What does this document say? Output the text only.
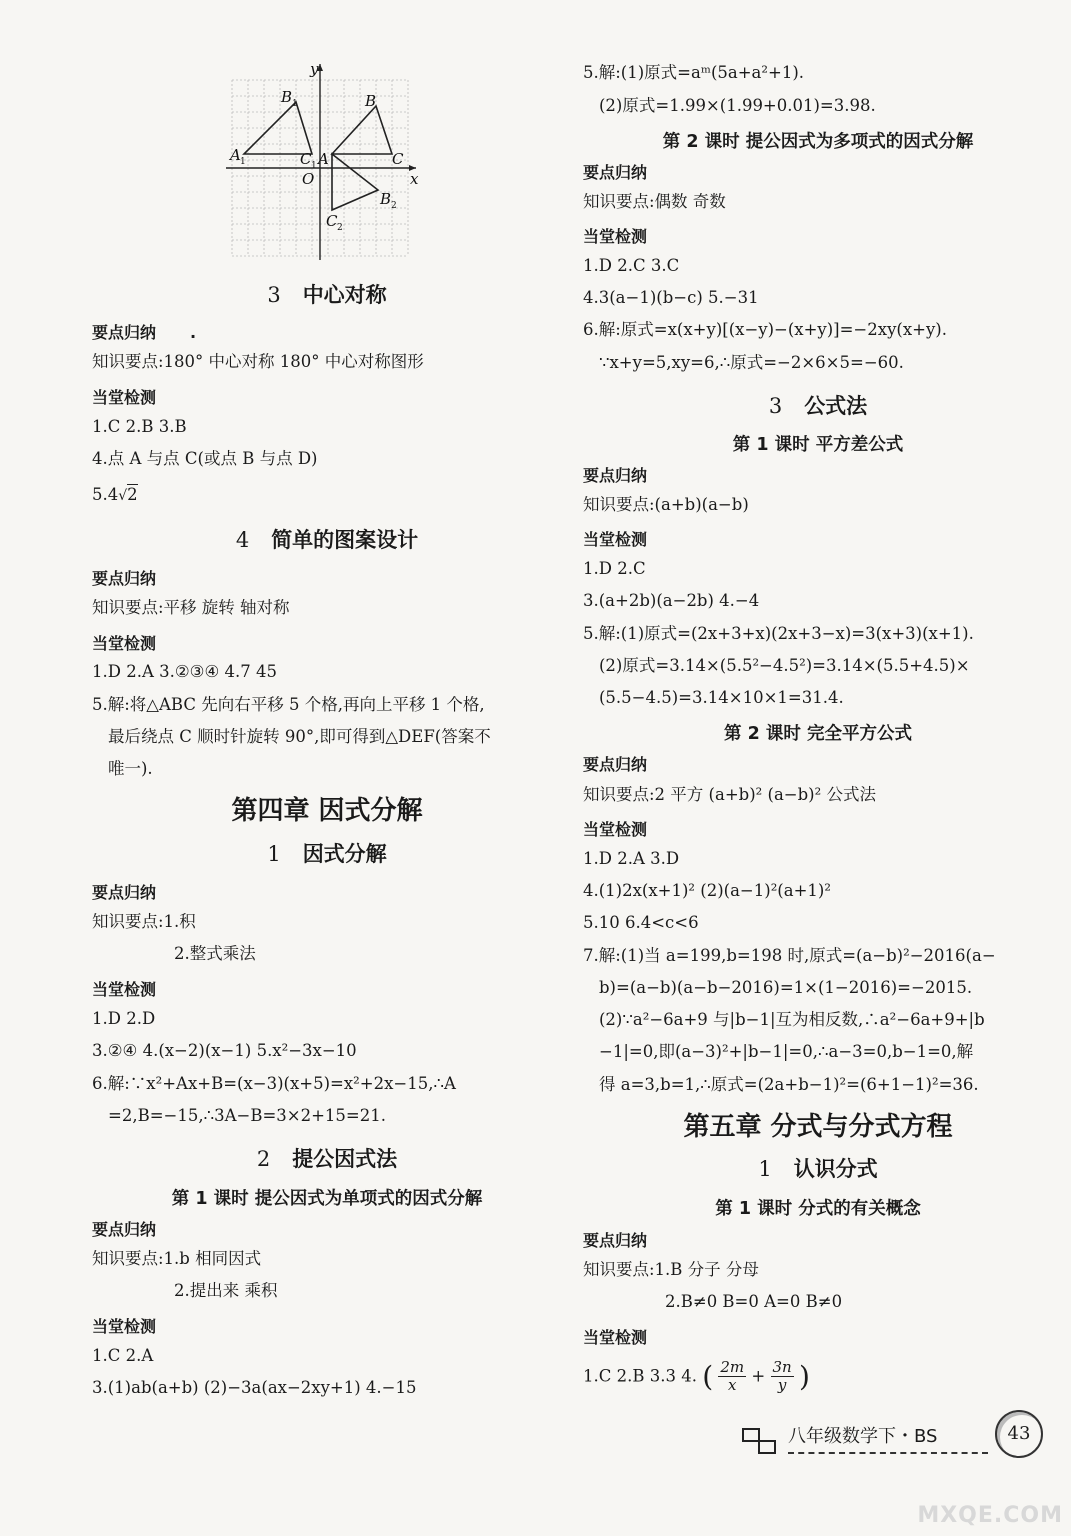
y
x
O
A
B
C A
B
C
B
C
1
1
1
2
2
3 中心对称
要点归纳 .
知识要点:180° 中心对称 180° 中心对称图形
当堂检测
1.C 2.B 3.B
4.点 A 与点 C(或点 B 与点 D)
5.4√2
4 简单的图案设计
要点归纳
知识要点:平移 旋转 轴对称
当堂检测
1.D 2.A 3.②③④ 4.7 45
5.解:将△ABC 先向右平移 5 个格,再向上平移 1 个格,
最后绕点 C 顺时针旋转 90°,即可得到△DEF(答案不
唯一).
第四章 因式分解
1 因式分解
要点归纳
知识要点:1.积
2.整式乘法
当堂检测
1.D 2.D
3.②④ 4.(x−2)(x−1) 5.x²−3x−10
6.解:∵x²+Ax+B=(x−3)(x+5)=x²+2x−15,∴A
=2,B=−15,∴3A−B=3×2+15=21.
2 提公因式法
第 1 课时 提公因式为单项式的因式分解
要点归纳
知识要点:1.b 相同因式
2.提出来 乘积
当堂检测
1.C 2.A
3.(1)ab(a+b) (2)−3a(ax−2xy+1) 4.−15
5.解:(1)原式=aᵐ(5a+a²+1).
(2)原式=1.99×(1.99+0.01)=3.98.
第 2 课时 提公因式为多项式的因式分解
要点归纳
知识要点:偶数 奇数
当堂检测
1.D 2.C 3.C
4.3(a−1)(b−c) 5.−31
6.解:原式=x(x+y)[(x−y)−(x+y)]=−2xy(x+y).
∵x+y=5,xy=6,∴原式=−2×6×5=−60.
3 公式法
第 1 课时 平方差公式
要点归纳
知识要点:(a+b)(a−b)
当堂检测
1.D 2.C
3.(a+2b)(a−2b) 4.−4
5.解:(1)原式=(2x+3+x)(2x+3−x)=3(x+3)(x+1).
(2)原式=3.14×(5.5²−4.5²)=3.14×(5.5+4.5)×
(5.5−4.5)=3.14×10×1=31.4.
第 2 课时 完全平方公式
要点归纳
知识要点:2 平方 (a+b)² (a−b)² 公式法
当堂检测
1.D 2.A 3.D
4.(1)2x(x+1)² (2)(a−1)²(a+1)²
5.10 6.4<c<6
7.解:(1)当 a=199,b=198 时,原式=(a−b)²−2016(a−
b)=(a−b)(a−b−2016)=1×(1−2016)=−2015.
(2)∵a²−6a+9 与|b−1|互为相反数,∴a²−6a+9+|b
−1|=0,即(a−3)²+|b−1|=0,∴a−3=0,b−1=0,解
得 a=3,b=1,∴原式=(2a+b−1)²=(6+1−1)²=36.
第五章 分式与分式方程
1 认识分式
第 1 课时 分式的有关概念
要点归纳
知识要点:1.B 分子 分母
2.B≠0 B=0 A=0 B≠0
当堂检测
1.C 2.B 3.3 4. ( $\frac{2m}{x} + \frac{3n}{y}$ )
八年级数学下・BS	43
MXQE.COM
